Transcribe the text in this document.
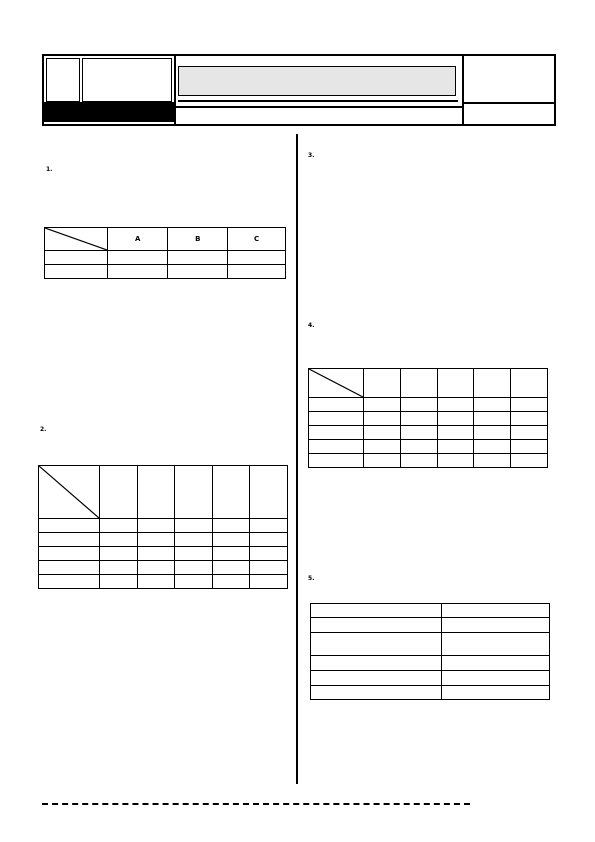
1.
	A	B	C

2.

3.
4.

5.
